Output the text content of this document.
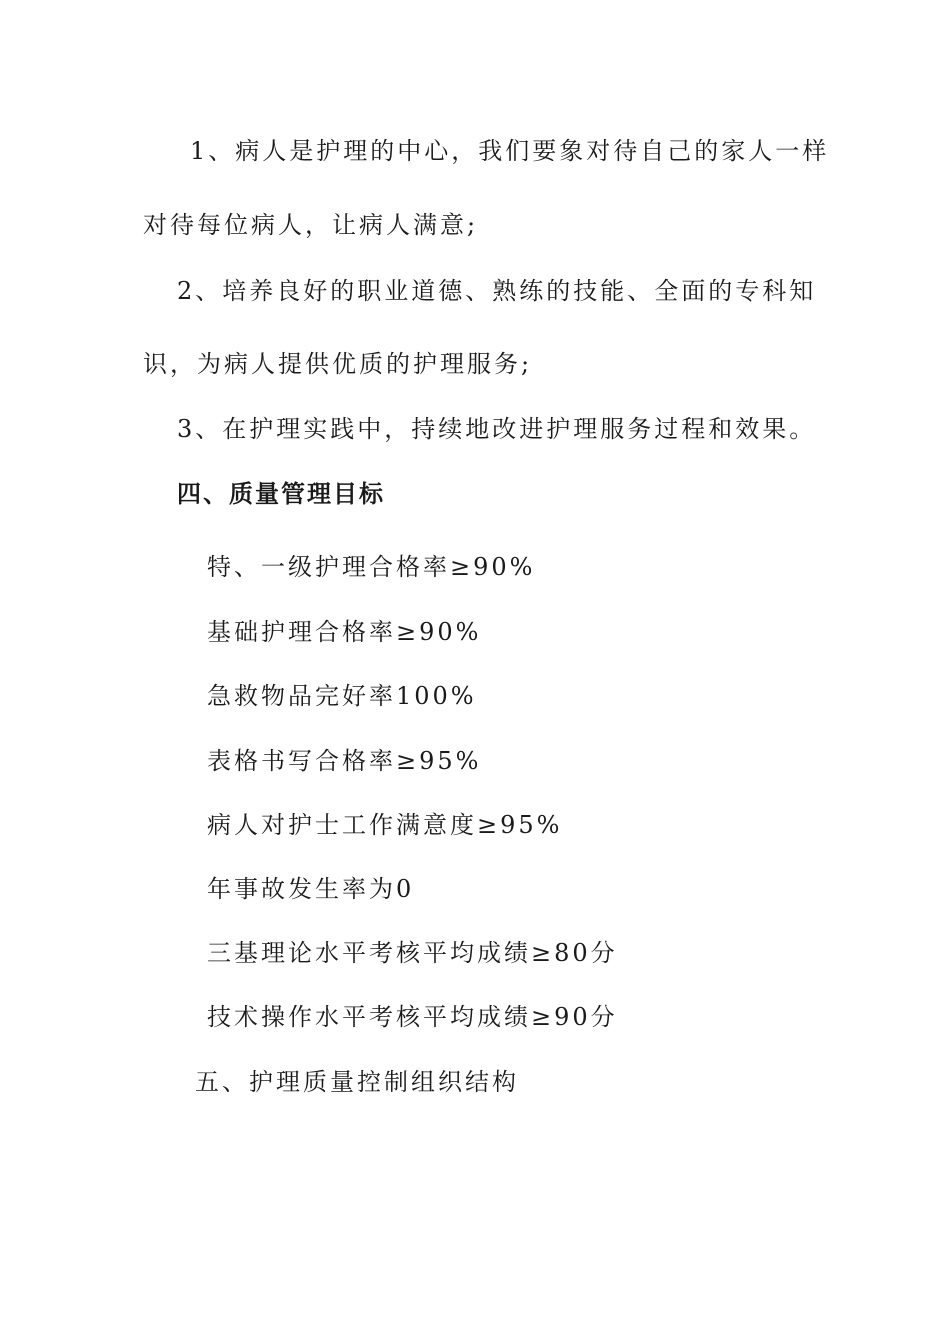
1、病人是护理的中心，我们要象对待自己的家人一样
对待每位病人，让病人满意;
2、培养良好的职业道德、熟练的技能、全面的专科知
识，为病人提供优质的护理服务;
3、在护理实践中，持续地改进护理服务过程和效果。
四、质量管理目标
特、一级护理合格率≥90%
基础护理合格率≥90%
急救物品完好率100%
表格书写合格率≥95%
病人对护士工作满意度≥95%
年事故发生率为0
三基理论水平考核平均成绩≥80分
技术操作水平考核平均成绩≥90分
五、护理质量控制组织结构
